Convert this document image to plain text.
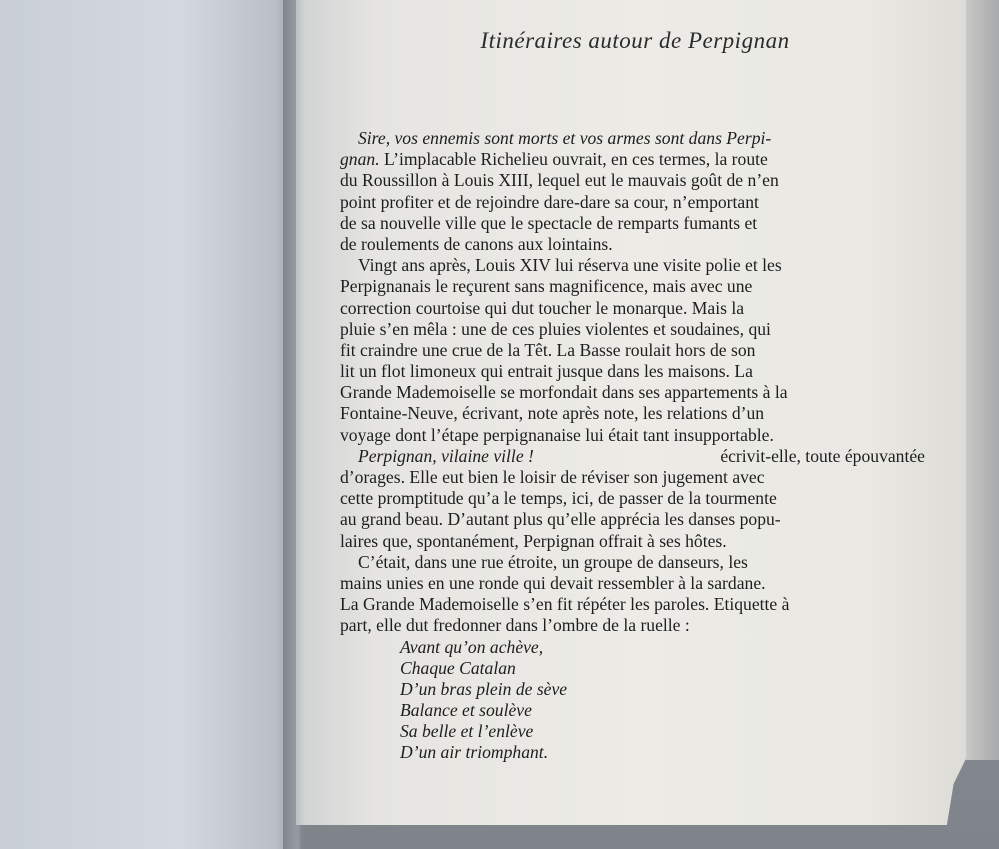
Itinéraires autour de Perpignan
Sire, vos ennemis sont morts et vos armes sont dans Perpi-
gnan. L’implacable Richelieu ouvrait, en ces termes, la route
du Roussillon à Louis XIII, lequel eut le mauvais goût de n’en
point profiter et de rejoindre dare-dare sa cour, n’emportant
de sa nouvelle ville que le spectacle de remparts fumants et
de roulements de canons aux lointains.
Vingt ans après, Louis XIV lui réserva une visite polie et les
Perpignanais le reçurent sans magnificence, mais avec une
correction courtoise qui dut toucher le monarque. Mais la
pluie s’en mêla : une de ces pluies violentes et soudaines, qui
fit craindre une crue de la Têt. La Basse roulait hors de son
lit un flot limoneux qui entrait jusque dans les maisons. La
Grande Mademoiselle se morfondait dans ses appartements à la
Fontaine-Neuve, écrivant, note après note, les relations d’un
voyage dont l’étape perpignanaise lui était tant insupportable.
Perpignan, vilaine ville !	écrivit-elle, toute épouvantée
d’orages. Elle eut bien le loisir de réviser son jugement avec
cette promptitude qu’a le temps, ici, de passer de la tourmente
au grand beau. D’autant plus qu’elle apprécia les danses popu-
laires que, spontanément, Perpignan offrait à ses hôtes.
C’était, dans une rue étroite, un groupe de danseurs, les
mains unies en une ronde qui devait ressembler à la sardane.
La Grande Mademoiselle s’en fit répéter les paroles. Etiquette à
part, elle dut fredonner dans l’ombre de la ruelle :
Avant qu’on achève,
Chaque Catalan
D’un bras plein de sève
Balance et soulève
Sa belle et l’enlève
D’un air triomphant.
